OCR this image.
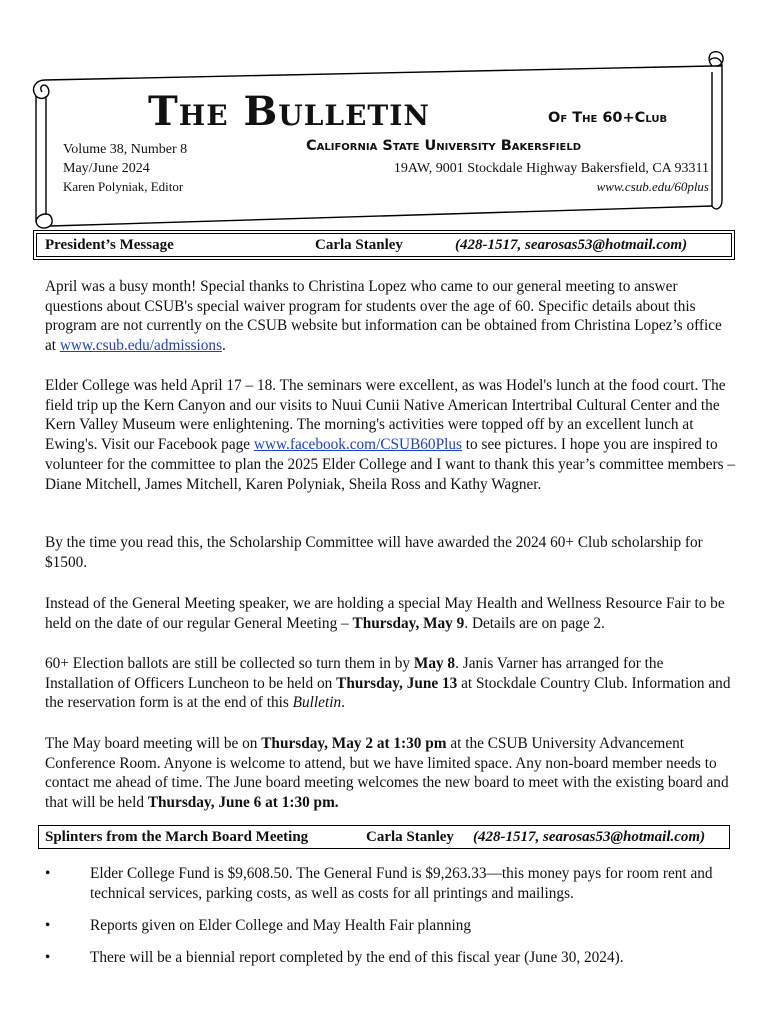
The Bulletin	Of The 60+Club
California State University Bakersfield
Volume 38, Number 8
May/June 2024
Karen Polyniak, Editor
19AW, 9001 Stockdale Highway Bakersfield, CA 93311
www.csub.edu/60plus
President’s Message	Carla Stanley	(428-1517, searosas53@hotmail.com)

April was a busy month! Special thanks to Christina Lopez who came to our general meeting to answer questions about CSUB's special waiver program for students over the age of 60. Specific details about this program are not currently on the CSUB website but information can be obtained from Christina Lopez’s office at www.csub.edu/admissions.

Elder College was held April 17 – 18. The seminars were excellent, as was Hodel's lunch at the food court. The field trip up the Kern Canyon and our visits to Nuui Cunii Native American Intertribal Cultural Center and the Kern Valley Museum were enlightening. The morning's activities were topped off by an excellent lunch at Ewing's. Visit our Facebook page www.facebook.com/CSUB60Plus to see pictures. I hope you are inspired to volunteer for the committee to plan the 2025 Elder College and I want to thank this year’s committee members – Diane Mitchell, James Mitchell, Karen Polyniak, Sheila Ross and Kathy Wagner.

By the time you read this, the Scholarship Committee will have awarded the 2024 60+ Club scholarship for $1500.

Instead of the General Meeting speaker, we are holding a special May Health and Wellness Resource Fair to be held on the date of our regular General Meeting – Thursday, May 9. Details are on page 2.

60+ Election ballots are still be collected so turn them in by May 8. Janis Varner has arranged for the Installation of Officers Luncheon to be held on Thursday, June 13 at Stockdale Country Club. Information and the reservation form is at the end of this Bulletin.

The May board meeting will be on Thursday, May 2 at 1:30 pm at the CSUB University Advancement Conference Room. Anyone is welcome to attend, but we have limited space. Any non-board member needs to contact me ahead of time. The June board meeting welcomes the new board to meet with the existing board and that will be held Thursday, June 6 at 1:30 pm.

Splinters from the March Board Meeting	Carla Stanley (428-1517, searosas53@hotmail.com)
•	Elder College Fund is $9,608.50. The General Fund is $9,263.33—this money pays for room rent and technical services, parking costs, as well as costs for all printings and mailings.
•	Reports given on Elder College and May Health Fair planning
•	There will be a biennial report completed by the end of this fiscal year (June 30, 2024).
